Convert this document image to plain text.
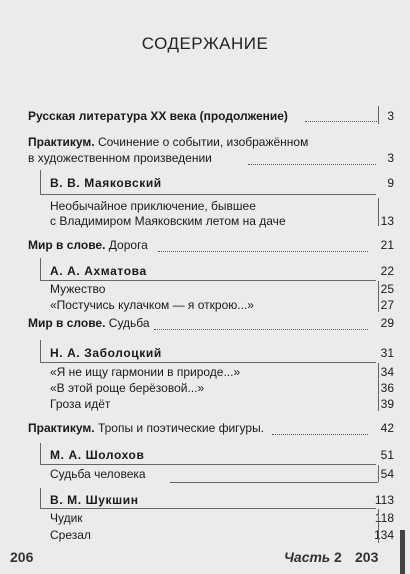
СОДЕРЖАНИЕ
Русская литература XX века (продолжение)	3
Практикум. Сочинение о событии, изображённом
в художественном произведении	3
В. В. Маяковский	9
Необычайное приключение, бывшее
с Владимиром Маяковским летом на даче	13
Мир в слове. Дорога	21
А. А. Ахматова	22
Мужество	25
«Постучись кулачком — я открою...»	27
Мир в слове. Судьба	29
Н. А. Заболоцкий	31
«Я не ищу гармонии в природе...»	34
«В этой роще берёзовой...»	36
Гроза идёт	39
Практикум. Тропы и поэтические фигуры.	42
М. А. Шолохов	51
Судьба человека	54
В. М. Шукшин	113
Чудик	118
Срезал	134
206	Часть 2 203
